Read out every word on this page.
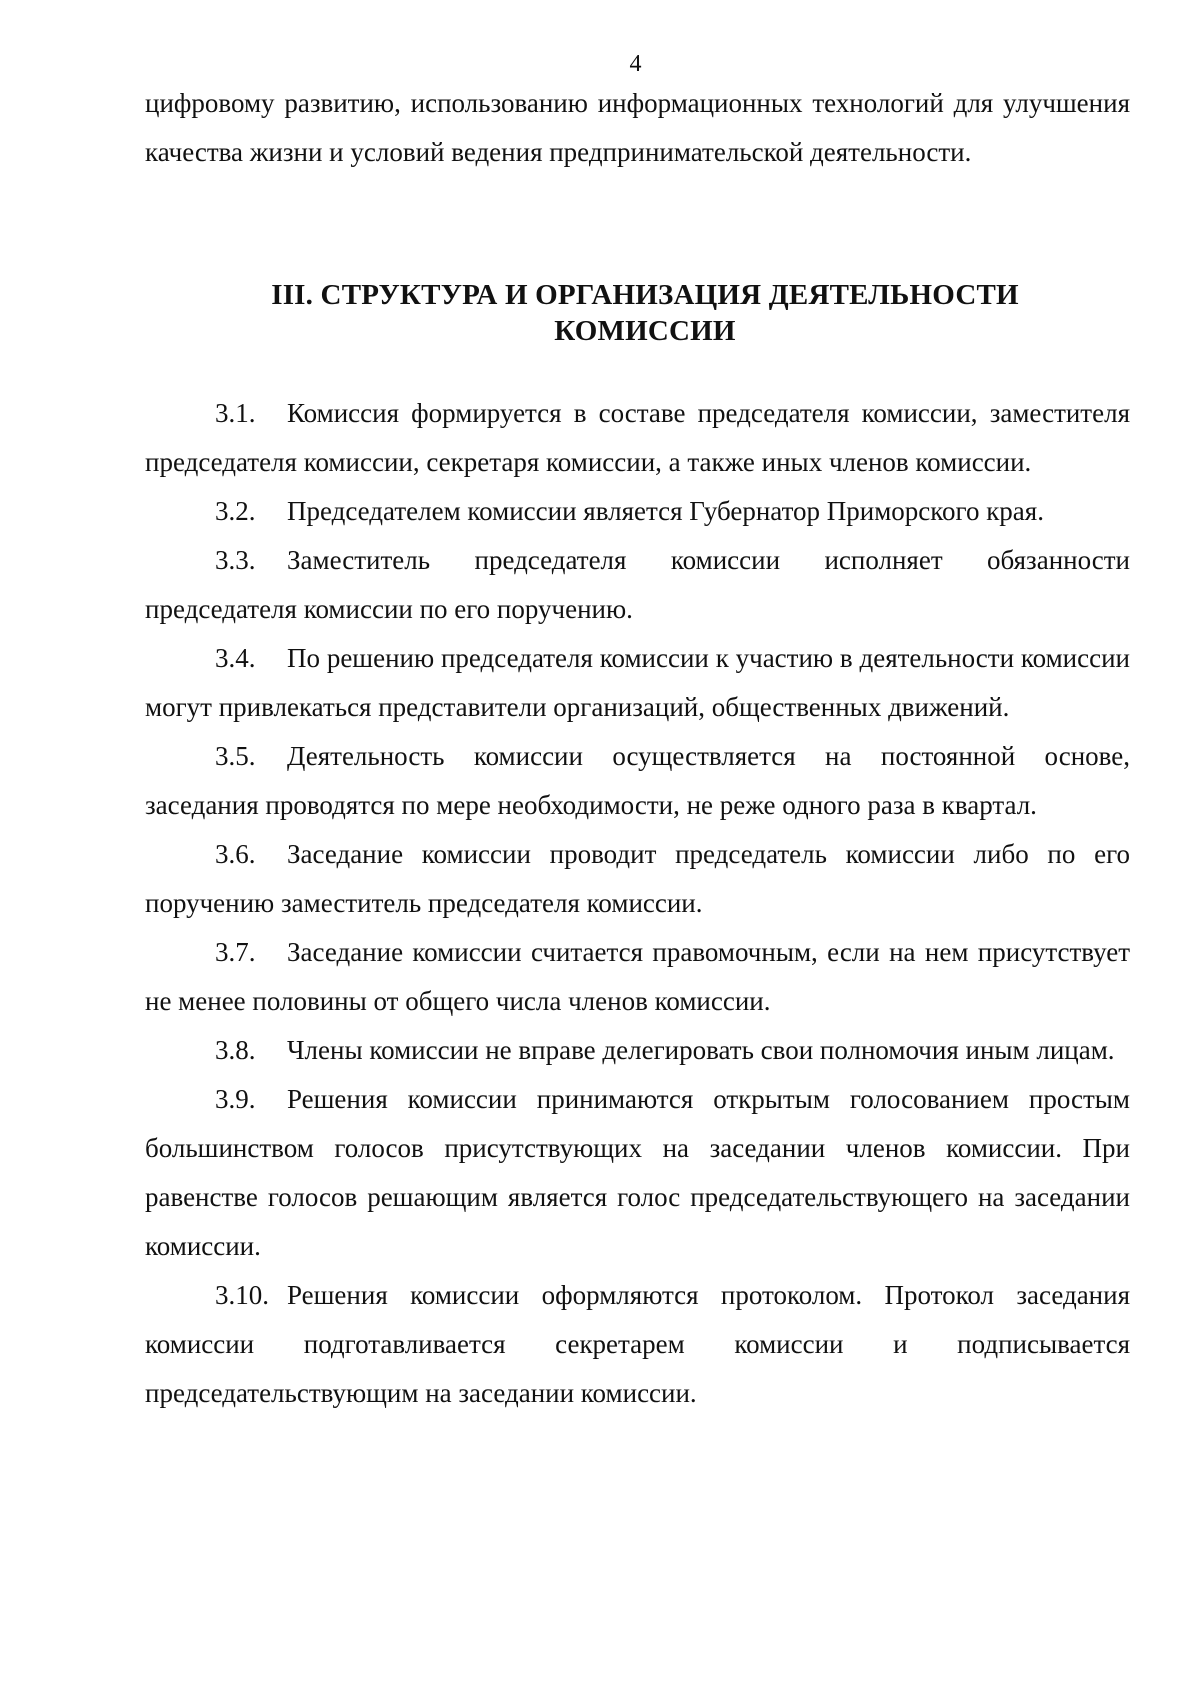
4
цифровому развитию, использованию информационных технологий для улучшения качества жизни и условий ведения предпринимательской деятельности.
III. СТРУКТУРА И ОРГАНИЗАЦИЯ ДЕЯТЕЛЬНОСТИ
КОМИССИИ

3.1. Комиссия формируется в составе председателя комиссии, заместителя председателя комиссии, секретаря комиссии, а также иных членов комиссии.

3.2. Председателем комиссии является Губернатор Приморского края.

3.3. Заместитель председателя комиссии исполняет обязанности председателя комиссии по его поручению.

3.4. По решению председателя комиссии к участию в деятельности комиссии могут привлекаться представители организаций, общественных движений.

3.5. Деятельность комиссии осуществляется на постоянной основе, заседания проводятся по мере необходимости, не реже одного раза в квартал.

3.6. Заседание комиссии проводит председатель комиссии либо по его поручению заместитель председателя комиссии.

3.7. Заседание комиссии считается правомочным, если на нем присутствует не менее половины от общего числа членов комиссии.

3.8. Члены комиссии не вправе делегировать свои полномочия иным лицам.

3.9. Решения комиссии принимаются открытым голосованием простым большинством голосов присутствующих на заседании членов комиссии. При равенстве голосов решающим является голос председательствующего на заседании комиссии.

3.10. Решения комиссии оформляются протоколом. Протокол заседания комиссии подготавливается секретарем комиссии и подписывается председательствующим на заседании комиссии.
